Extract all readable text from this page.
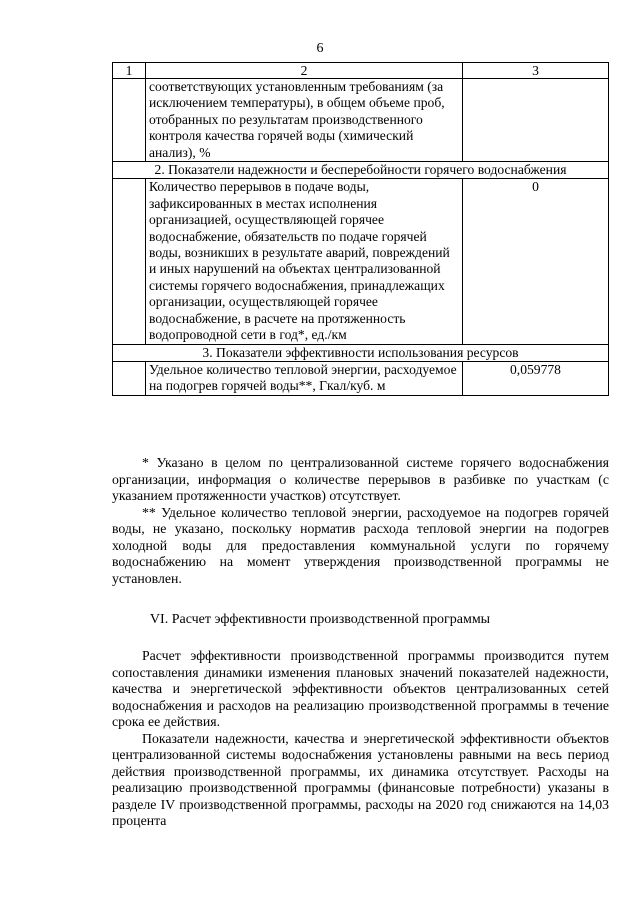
6
1	2	3
	соответствующих установленным требованиям (за исключением температуры), в общем объеме проб, отобранных по результатам производственного контроля качества горячей воды (химический анализ), %	
2. Показатели надежности и бесперебойности горячего водоснабжения		
	Количество перерывов в подаче воды, зафиксированных в местах исполнения организацией, осуществляющей горячее водоснабжение, обязательств по подаче горячей воды, возникших в результате аварий, повреждений и иных нарушений на объектах централизованной системы горячего водоснабжения, принадлежащих организации, осуществляющей горячее водоснабжение, в расчете на протяженность водопроводной сети в год*, ед./км	0
3. Показатели эффективности использования ресурсов		
	Удельное количество тепловой энергии, расходуемое на подогрев горячей воды**, Гкал/куб. м	0,059778

* Указано в целом по централизованной системе горячего водоснабжения организации, информация о количестве перерывов в разбивке по участкам (с указанием протяженности участков) отсутствует.

** Удельное количество тепловой энергии, расходуемое на подогрев горячей воды, не указано, поскольку норматив расхода тепловой энергии на подогрев холодной воды для предоставления коммунальной услуги по горячему водоснабжению на момент утверждения производственной программы не установлен.

VI. Расчет эффективности производственной программы

Расчет эффективности производственной программы производится путем сопоставления динамики изменения плановых значений показателей надежности, качества и энергетической эффективности объектов централизованных сетей водоснабжения и расходов на реализацию производственной программы в течение срока ее действия.

Показатели надежности, качества и энергетической эффективности объектов централизованной системы водоснабжения установлены равными на весь период действия производственной программы, их динамика отсутствует. Расходы на реализацию производственной программы (финансовые потребности) указаны в разделе IV производственной программы, расходы на 2020 год снижаются на 14,03 процента
